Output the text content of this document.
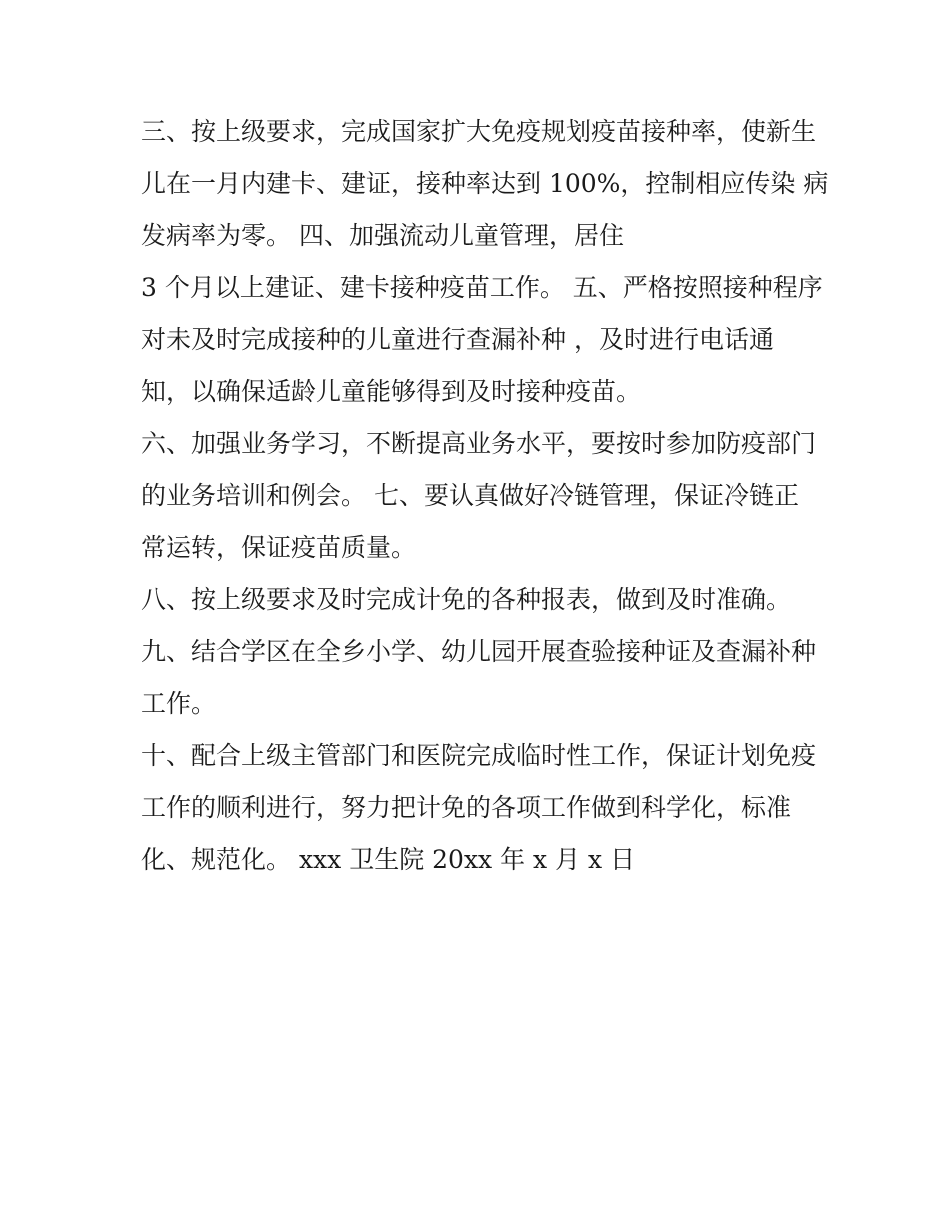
三、按上级要求，完成国家扩大免疫规划疫苗接种率，使新生

儿在一月内建卡、建证，接种率达到 100%，控制相应传染 病

发病率为零。 四、加强流动儿童管理，居住

3 个月以上建证、建卡接种疫苗工作。 五、严格按照接种程序

对未及时完成接种的儿童进行查漏补种 ，及时进行电话通

知，以确保适龄儿童能够得到及时接种疫苗。

六、加强业务学习，不断提高业务水平，要按时参加防疫部门

的业务培训和例会。 七、要认真做好冷链管理，保证冷链正

常运转，保证疫苗质量。

八、按上级要求及时完成计免的各种报表，做到及时准确。

九、结合学区在全乡小学、幼儿园开展查验接种证及查漏补种

工作。

十、配合上级主管部门和医院完成临时性工作，保证计划免疫

工作的顺利进行，努力把计免的各项工作做到科学化，标准

化、规范化。 xxx 卫生院 20xx 年 x 月 x 日
